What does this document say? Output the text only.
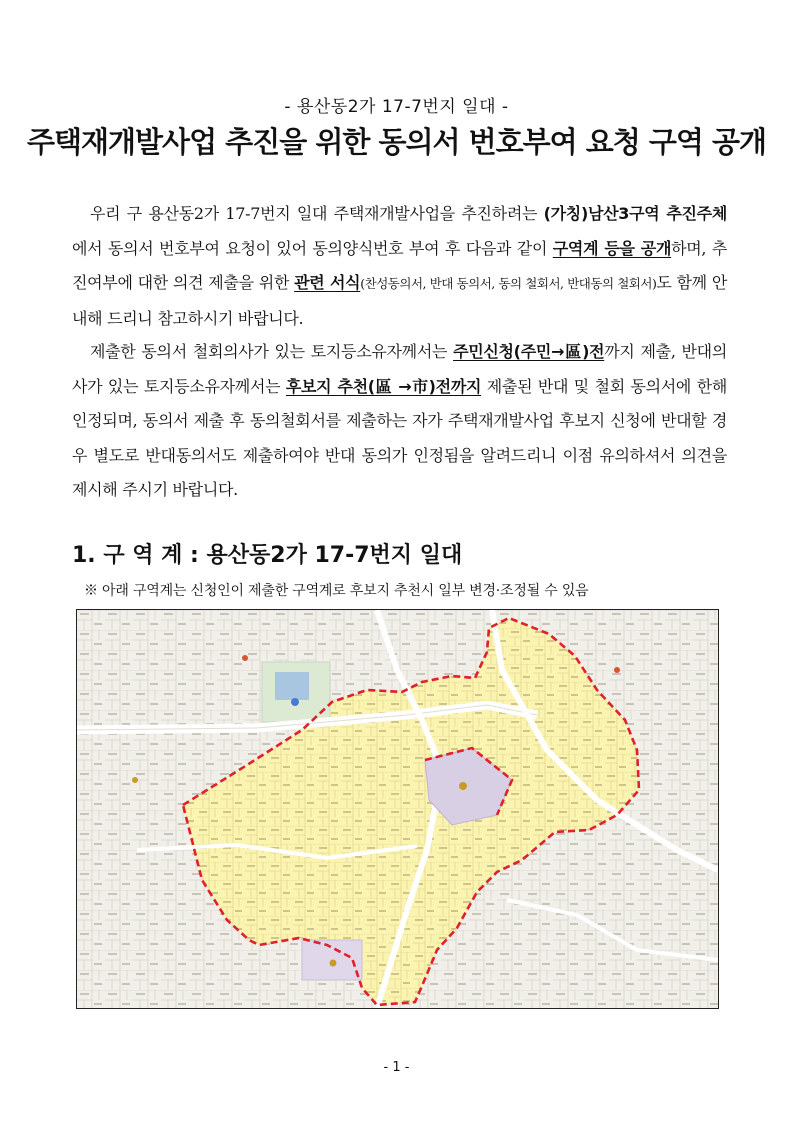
- 용산동2가 17-7번지 일대 -
주택재개발사업 추진을 위한 동의서 번호부여 요청 구역 공개
우리 구 용산동2가 17-7번지 일대 주택재개발사업을 추진하려는 (가칭)남산3구역 추진주체에서 동의서 번호부여 요청이 있어 동의양식번호 부여 후 다음과 같이 구역계 등을 공개하며, 추진여부에 대한 의견 제출을 위한 관련 서식(찬성동의서, 반대 동의서, 동의 철회서, 반대동의 철회서)도 함께 안내해 드리니 참고하시기 바랍니다.
제출한 동의서 철회의사가 있는 토지등소유자께서는 주민신청(주민→區)전까지 제출, 반대의사가 있는 토지등소유자께서는 후보지 추천(區 →市)전까지 제출된 반대 및 철회 동의서에 한해 인정되며, 동의서 제출 후 동의철회서를 제출하는 자가 주택재개발사업 후보지 신청에 반대할 경우 별도로 반대동의서도 제출하여야 반대 동의가 인정됨을 알려드리니 이점 유의하셔서 의견을 제시해 주시기 바랍니다.
1. 구 역 계 : 용산동2가 17-7번지 일대
※ 아래 구역계는 신청인이 제출한 구역계로 후보지 추천시 일부 변경·조정될 수 있음
- 1 -
